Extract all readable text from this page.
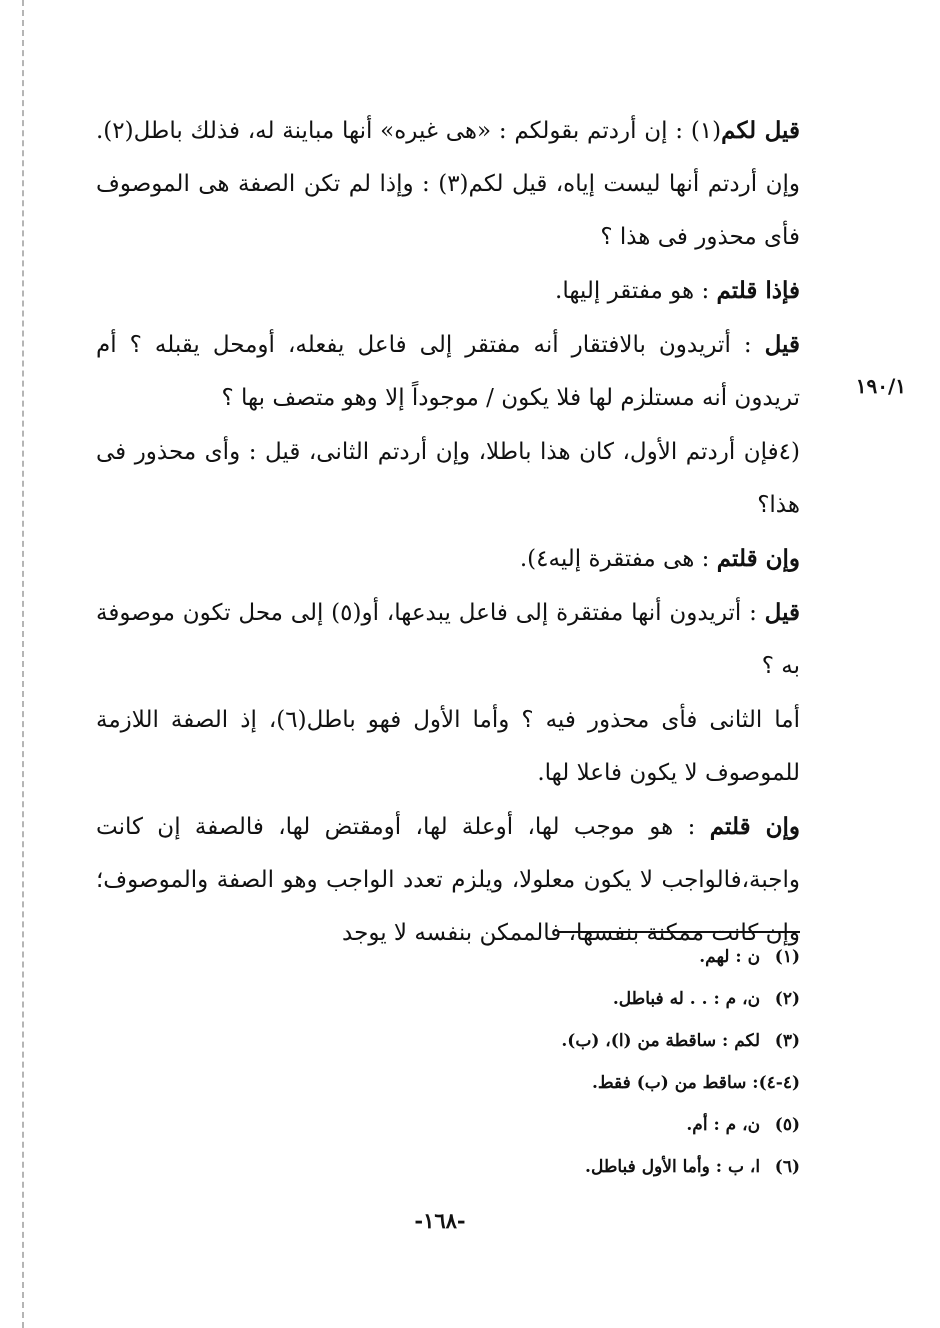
١٩٠/١

قيل لكم(١) : إن أردتم بقولكم : «هى غيره» أنها مباينة له، فذلك باطل(٢). وإن أردتم أنها ليست إياه، قيل لكم(٣) : وإذا لم تكن الصفة هى الموصوف فأى محذور فى هذا ؟

فإذا قلتم : هو مفتقر إليها.

قيل : أتريدون بالافتقار أنه مفتقر إلى فاعل يفعله، أومحل يقبله ؟ أم تريدون أنه مستلزم لها فلا يكون / موجوداً إلا وهو متصف بها ؟

(٤فإن أردتم الأول، كان هذا باطلا، وإن أردتم الثانى، قيل : وأى محذور فى هذا؟

وإن قلتم : هى مفتقرة إليه٤).

قيل : أتريدون أنها مفتقرة إلى فاعل يبدعها، أو(٥) إلى محل تكون موصوفة به ؟

أما الثانى فأى محذور فيه ؟ وأما الأول فهو باطل(٦)، إذ الصفة اللازمة للموصوف لا يكون فاعلا لها.

وإن قلتم : هو موجب لها، أوعلة لها، أومقتض لها، فالصفة إن كانت واجبة،فالواجب لا يكون معلولا، ويلزم تعدد الواجب وهو الصفة والموصوف؛ وإن كانت ممكنة بنفسها، فالممكن بنفسه لا يوجد

(١) ن : لهم.

(٢) ن، م : . . له فباطل.

(٣) لكم : ساقطة من (ا)، (ب).

(٤-٤): ساقط من (ب) فقط.

(٥) ن، م : أم.

(٦) ا، ب : وأما الأول فباطل.

-١٦٨-
